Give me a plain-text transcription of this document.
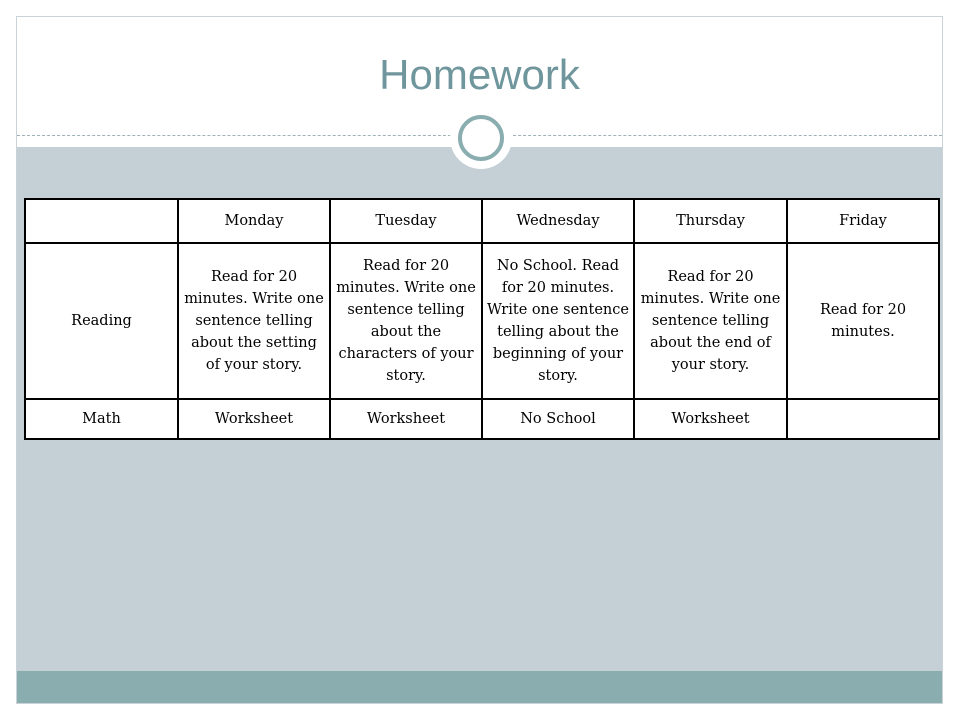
Homework
	Monday	Tuesday	Wednesday	Thursday	Friday
Reading	Read for 20 minutes. Write one sentence telling about the setting of your story.	Read for 20 minutes. Write one sentence telling about the characters of your story.	No School. Read for 20 minutes. Write one sentence telling about the beginning of your story.	Read for 20 minutes. Write one sentence telling about the end of your story.	Read for 20 minutes.
Math	Worksheet	Worksheet	No School	Worksheet	
